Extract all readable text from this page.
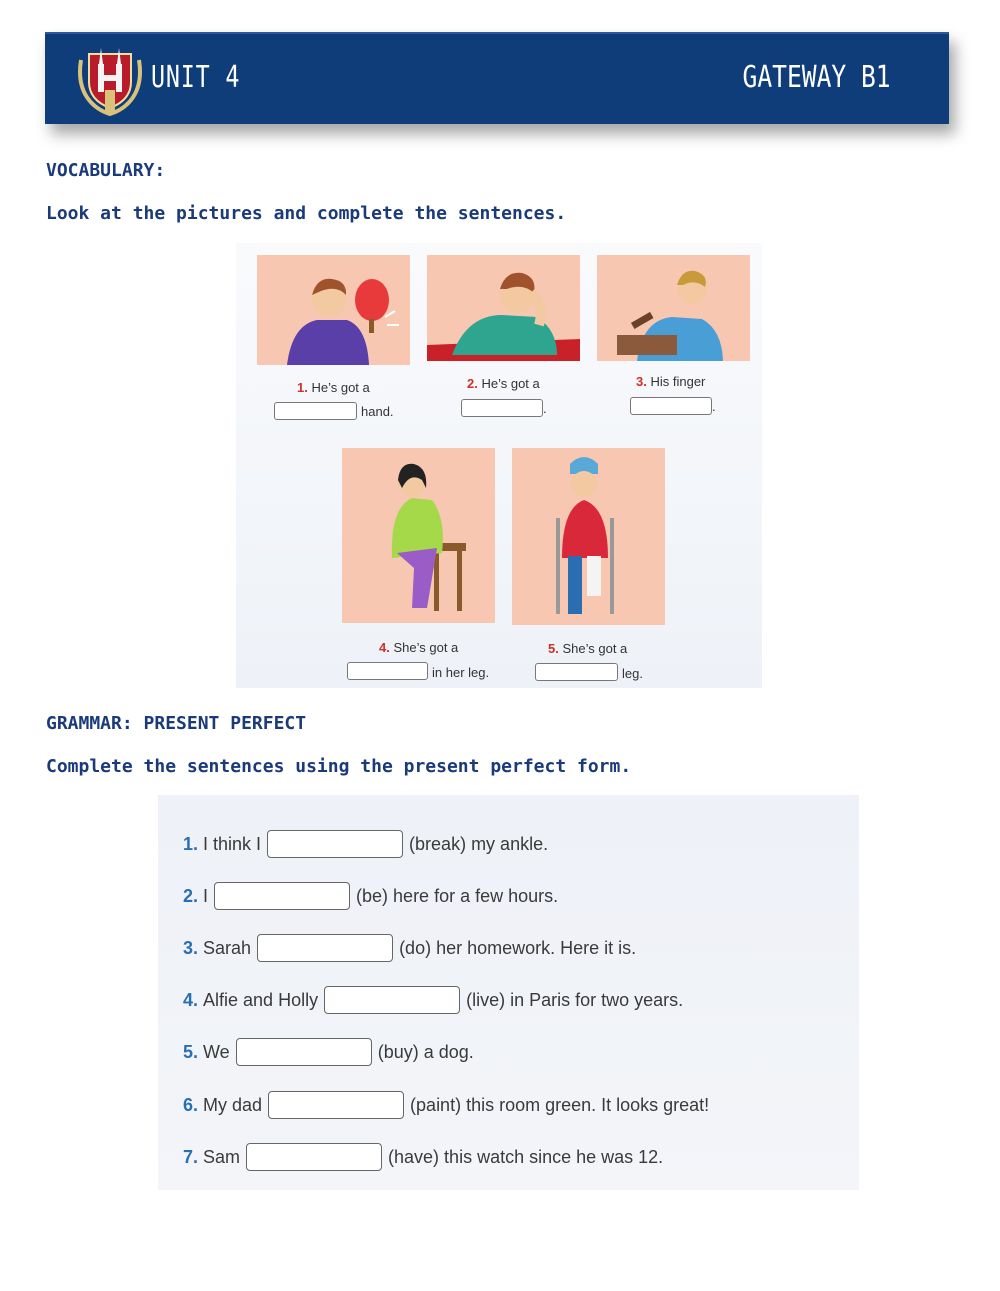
UNIT 4	GATEWAY B1
VOCABULARY:
Look at the pictures and complete the sentences.
1. He’s got a
hand.
2. He’s got a
.
3. His finger
.
4. She’s got a
in her leg.
5. She’s got a
leg.
GRAMMAR: PRESENT PERFECT
Complete the sentences using the present perfect form.
1. I think I	(break) my ankle.
2. I	(be) here for a few hours.
3. Sarah	(do) her homework. Here it is.
4. Alfie and Holly	(live) in Paris for two years.
5. We	(buy) a dog.
6. My dad	(paint) this room green. It looks great!
7. Sam	(have) this watch since he was 12.
